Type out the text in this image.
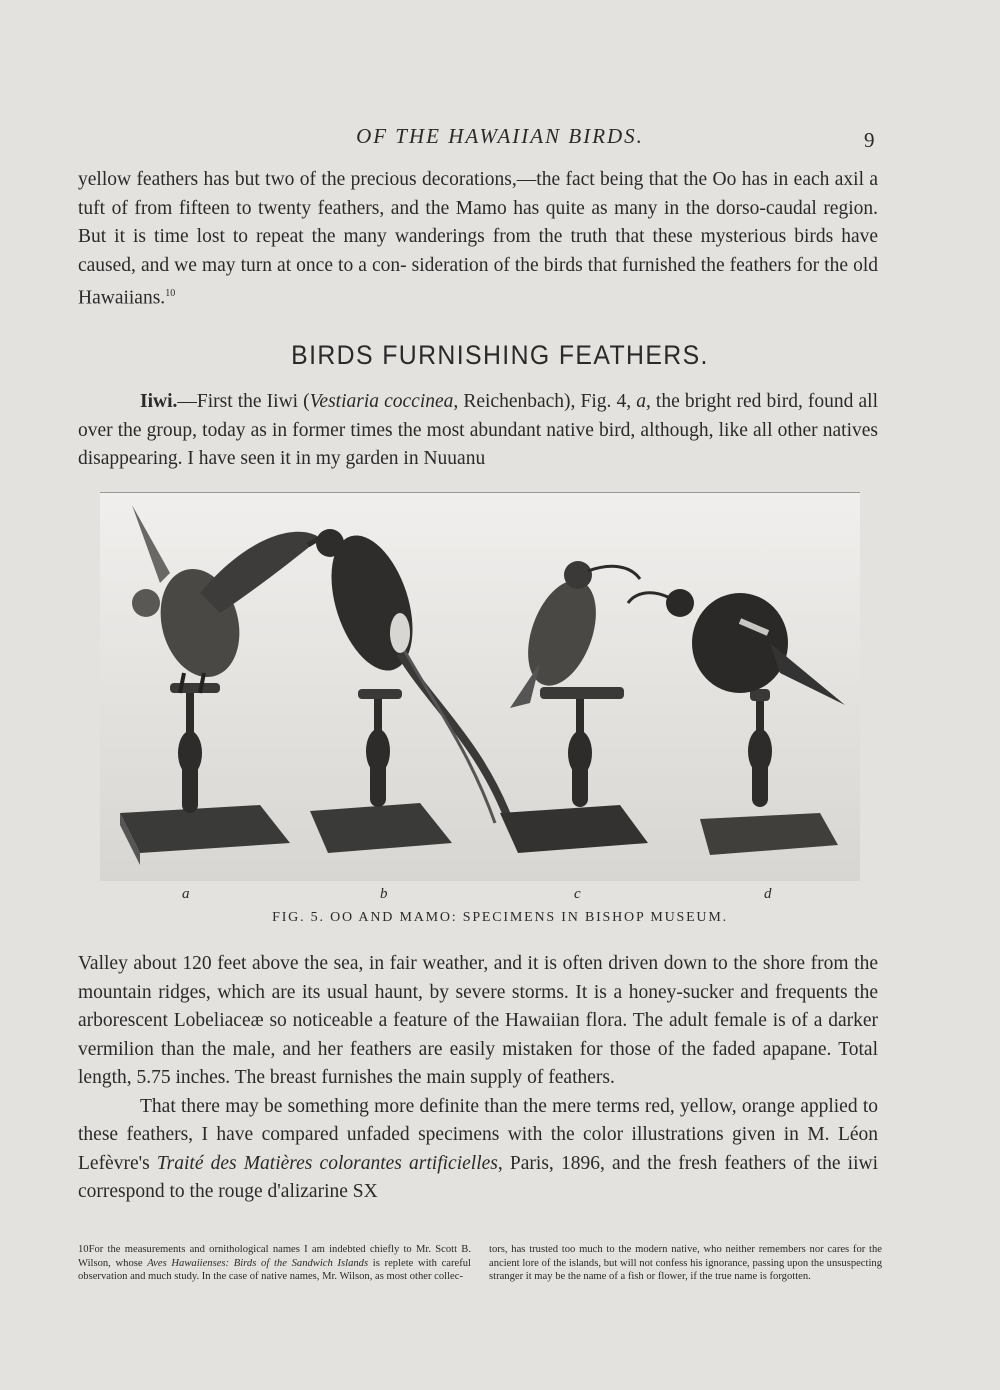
OF THE HAWAIIAN BIRDS.	9

yellow feathers has but two of the precious decorations,—the fact being that the Oo has in each axil a tuft of from fifteen to twenty feathers, and the Mamo has quite as many in the dorso-caudal region. But it is time lost to repeat the many wanderings from the truth that these mysterious birds have caused, and we may turn at once to a con- sideration of the birds that furnished the feathers for the old Hawaiians.$^{10}$

BIRDS FURNISHING FEATHERS.

Iiwi.—First the Iiwi (Vestiaria coccinea, Reichenbach), Fig. 4, a, the bright red bird, found all over the group, today as in former times the most abundant native bird, although, like all other natives disappearing. I have seen it in my garden in Nuuanu

a	b	c	d
FIG. 5. OO AND MAMO: SPECIMENS IN BISHOP MUSEUM.

Valley about 120 feet above the sea, in fair weather, and it is often driven down to the shore from the mountain ridges, which are its usual haunt, by severe storms. It is a honey-sucker and frequents the arborescent Lobeliaceæ so noticeable a feature of the Hawaiian flora. The adult female is of a darker vermilion than the male, and her feathers are easily mistaken for those of the faded apapane. Total length, 5.75 inches. The breast furnishes the main supply of feathers.
That there may be something more definite than the mere terms red, yellow, orange applied to these feathers, I have compared unfaded specimens with the color illustrations given in M. Léon Lefèvre's Traité des Matières colorantes artificielles, Paris, 1896, and the fresh feathers of the iiwi correspond to the rouge d'alizarine SX

10For the measurements and ornithological names I am indebted chiefly to Mr. Scott B. Wilson, whose Aves Hawaiienses: Birds of the Sandwich Islands is replete with careful observation and much study. In the case of native names, Mr. Wilson, as most other collec-
tors, has trusted too much to the modern native, who neither remembers nor cares for the ancient lore of the islands, but will not confess his ignorance, passing upon the unsuspecting stranger it may be the name of a fish or flower, if the true name is forgotten.
